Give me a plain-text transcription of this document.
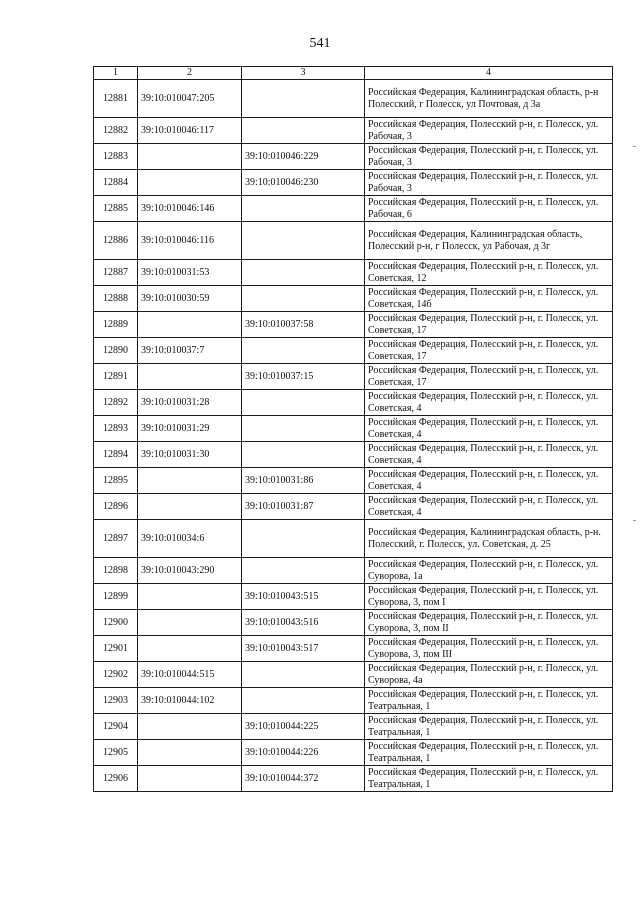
541
1	2	3	4
12881	39:10:010047:205		Российская Федерация, Калининградская область, р-н Полесский, г Полесск, ул Почтовая, д 3а
12882	39:10:010046:117		Российская Федерация, Полесский р-н, г. Полесск, ул. Рабочая, 3
12883		39:10:010046:229	Российская Федерация, Полесский р-н, г. Полесск, ул. Рабочая, 3
12884		39:10:010046:230	Российская Федерация, Полесский р-н, г. Полесск, ул. Рабочая, 3
12885	39:10:010046:146		Российская Федерация, Полесский р-н, г. Полесск, ул. Рабочая, 6
12886	39:10:010046:116		Российская Федерация, Калининградская область, Полесский р-н, г Полесск, ул Рабочая, д 3г
12887	39:10:010031:53		Российская Федерация, Полесский р-н, г. Полесск, ул. Советская, 12
12888	39:10:010030:59		Российская Федерация, Полесский р-н, г. Полесск, ул. Советская, 14б
12889		39:10:010037:58	Российская Федерация, Полесский р-н, г. Полесск, ул. Советская, 17
12890	39:10:010037:7		Российская Федерация, Полесский р-н, г. Полесск, ул. Советская, 17
12891		39:10:010037:15	Российская Федерация, Полесский р-н, г. Полесск, ул. Советская, 17
12892	39:10:010031:28		Российская Федерация, Полесский р-н, г. Полесск, ул. Советская, 4
12893	39:10:010031:29		Российская Федерация, Полесский р-н, г. Полесск, ул. Советская, 4
12894	39:10:010031:30		Российская Федерация, Полесский р-н, г. Полесск, ул. Советская, 4
12895		39:10:010031:86	Российская Федерация, Полесский р-н, г. Полесск, ул. Советская, 4
12896		39:10:010031:87	Российская Федерация, Полесский р-н, г. Полесск, ул. Советская, 4
12897	39:10:010034:6		Российская Федерация, Калининградская область, р-н. Полесский, г. Полесск, ул. Советская, д. 25
12898	39:10:010043:290		Российская Федерация, Полесский р-н, г. Полесск, ул. Суворова, 1а
12899		39:10:010043:515	Российская Федерация, Полесский р-н, г. Полесск, ул. Суворова, 3, пом I
12900		39:10:010043:516	Российская Федерация, Полесский р-н, г. Полесск, ул. Суворова, 3, пом II
12901		39:10:010043:517	Российская Федерация, Полесский р-н, г. Полесск, ул. Суворова, 3, пом III
12902	39:10:010044:515		Российская Федерация, Полесский р-н, г. Полесск, ул. Суворова, 4а
12903	39:10:010044:102		Российская Федерация, Полесский р-н, г. Полесск, ул. Театральная, 1
12904		39:10:010044:225	Российская Федерация, Полесский р-н, г. Полесск, ул. Театральная, 1
12905		39:10:010044:226	Российская Федерация, Полесский р-н, г. Полесск, ул. Театральная, 1
12906		39:10:010044:372	Российская Федерация, Полесский р-н, г. Полесск, ул. Театральная, 1
